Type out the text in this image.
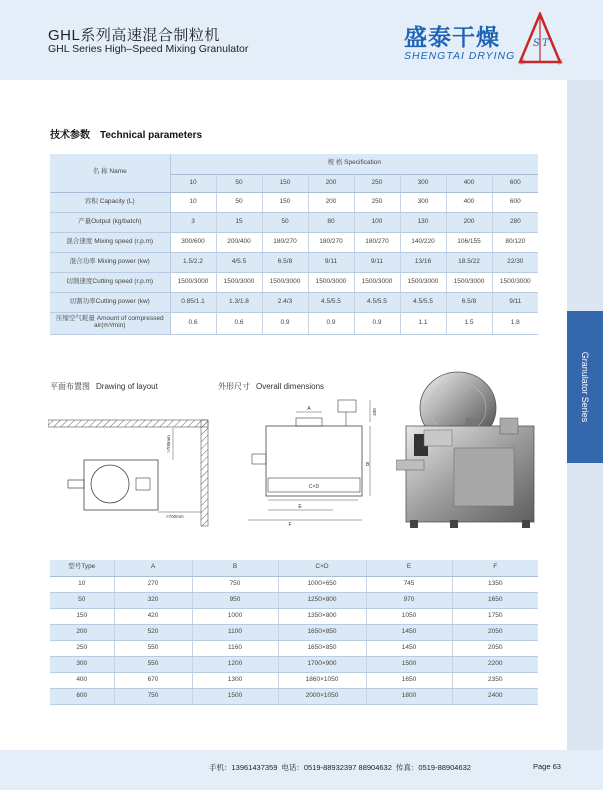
GHL系列高速混合制粒机
GHL Series High–Speed Mixing Granulator	盛泰干燥
SHENGTAI DRYING
S T
盛	泰
Granulator Series
技术参数 Technical parameters
名 称 Name	规 格 Specification							
	10	50	150	200	250	300	400	600
容积 Capacity (L)	10	50	150	200	250	300	400	600
产量Output (kg/batch)	3	15	50	80	100	130	200	280
混合速度 Mixing speed (r.p.m)	300/600	200/400	180/270	180/270	180/270	140/220	106/155	80/120
混合功率 Mixing power (kw)	1.5/2.2	4/5.5	6.5/8	9/11	9/11	13/16	18.5/22	22/30
切割速度Cutting speed (r.p.m)	1500/3000	1500/3000	1500/3000	1500/3000	1500/3000	1500/3000	1500/3000	1500/3000
切割功率Cutting power (kw)	0.85/1.1	1.3/1.8	2.4/3	4.5/5.5	4.5/5.5	4.5/5.5	6.5/8	9/11
压缩空气耗量 Amount of compressed air(m³/min)	0.6	0.6	0.9	0.9	0.9	1.1	1.5	1.8
平面布置图 Drawing of layout	外形尺寸 Overall dimensions
>700mm
>700mm
A
B
C×D
E
F
400
型号Type	A	B	C×D	E	F
10	270	750	1000×650	745	1350
50	320	950	1250×800	970	1650
150	420	1000	1350×800	1050	1750
200	520	1100	1650×850	1450	2050
250	550	1160	1650×850	1450	2050
300	550	1200	1700×900	1500	2200
400	670	1300	1860×1050	1650	2350
600	750	1500	2000×1050	1800	2400
手机：13961437359 电话：0519-88932397 88904632 传真：0519-88904632	Page 63
